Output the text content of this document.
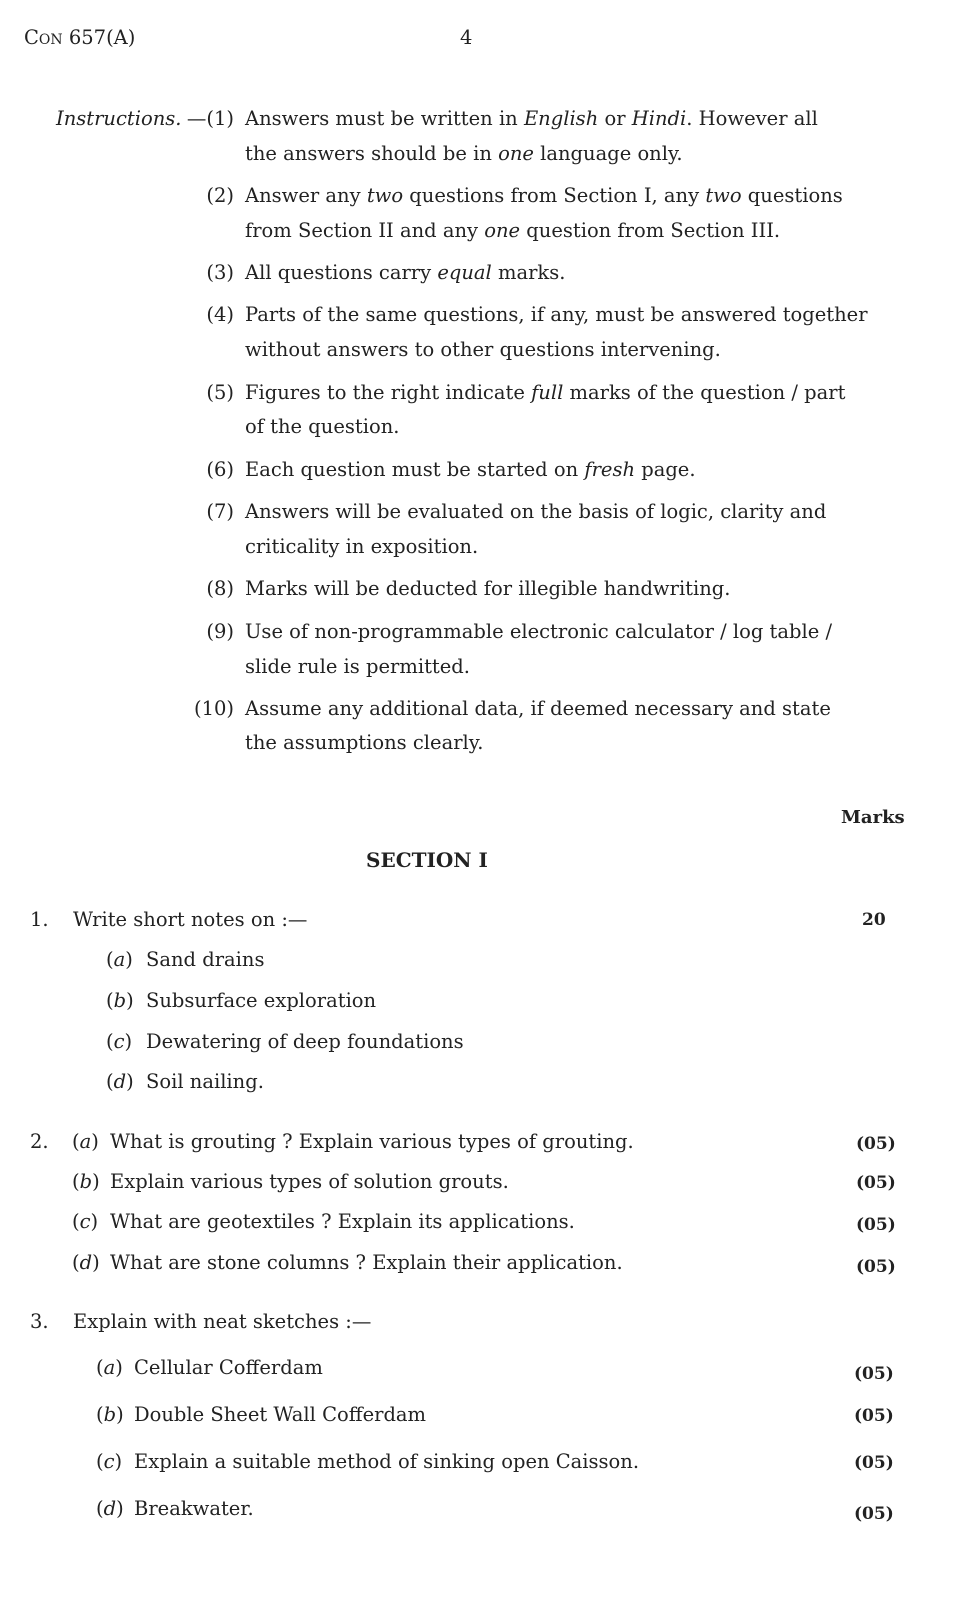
Con 657(A)	4
Instructions. —(1) Answers must be written in English or Hindi. However all
the answers should be in one language only.
(2) Answer any two questions from Section I, any two questions
from Section II and any one question from Section III.
(3) All questions carry equal marks.
(4) Parts of the same questions, if any, must be answered together
without answers to other questions intervening.
(5) Figures to the right indicate full marks of the question / part
of the question.
(6) Each question must be started on fresh page.
(7) Answers will be evaluated on the basis of logic, clarity and
criticality in exposition.
(8) Marks will be deducted for illegible handwriting.
(9) Use of non-programmable electronic calculator / log table /
slide rule is permitted.
(10) Assume any additional data, if deemed necessary and state
the assumptions clearly.
Marks
SECTION I
1. Write short notes on :—	20
(a) Sand drains
(b) Subsurface exploration
(c) Dewatering of deep foundations
(d) Soil nailing.
2. (a) What is grouting ? Explain various types of grouting.	(05)
(b) Explain various types of solution grouts.	(05)
(c) What are geotextiles ? Explain its applications.	(05)
(d) What are stone columns ? Explain their application.	(05)
3. Explain with neat sketches :—
(a) Cellular Cofferdam	(05)
(b) Double Sheet Wall Cofferdam	(05)
(c) Explain a suitable method of sinking open Caisson.	(05)
(d) Breakwater.	(05)
